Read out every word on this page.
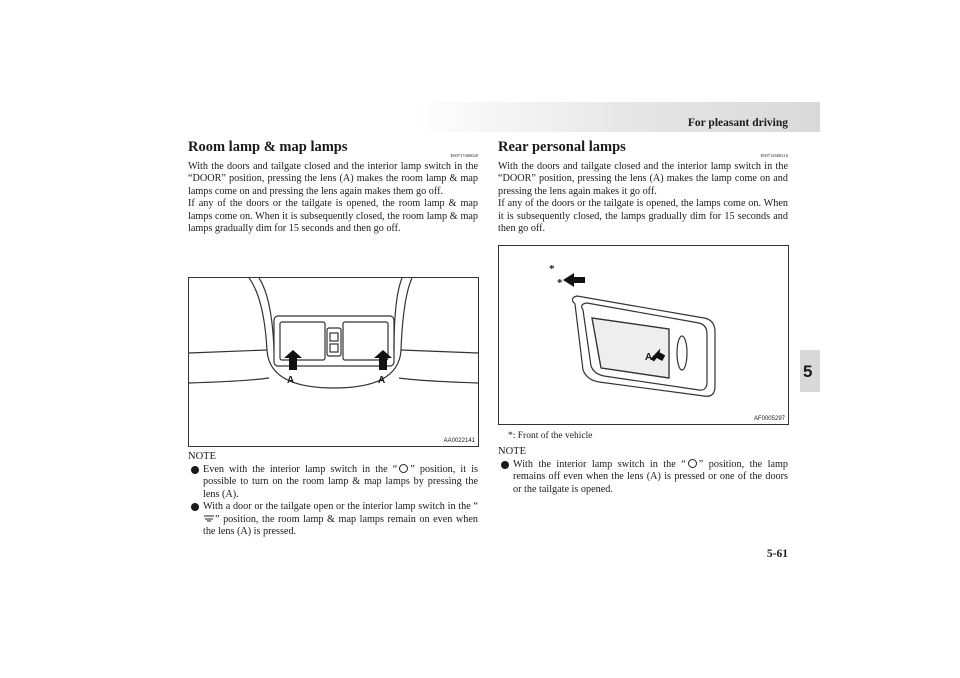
For pleasant driving
5
Room lamp & map lamps
E00717400020

With the doors and tailgate closed and the interior lamp switch in the “DOOR” position, pressing the lens (A) makes the room lamp & map lamps come on and pressing the lens again makes them go off.

If any of the doors or the tailgate is opened, the room lamp & map lamps come on. When it is subsequently closed, the room lamp & map lamps gradually dim for 15 seconds and then go off.

A	A
AA0022141
NOTE
Even with the interior lamp switch in the “ ” position, it is possible to turn on the room lamp & map lamps by pressing the lens (A).
With a door or the tailgate open or the interior lamp switch in the “” position, the room lamp & map lamps remain on even when the lens (A) is pressed.
Rear personal lamps
E00712600216

With the doors and tailgate closed and the interior lamp switch in the “DOOR” position, pressing the lens (A) makes the lamp come on and pressing the lens again makes it go off.

If any of the doors or the tailgate is opened, the lamps come on. When it is subsequently closed, the lamps gradually dim for 15 seconds and then go off.

*
*
A
AF0005297
*: Front of the vehicle
NOTE
With the interior lamp switch in the “ ” position, the lamp remains off even when the lens (A) is pressed or one of the doors or the tailgate is opened.
5-61
